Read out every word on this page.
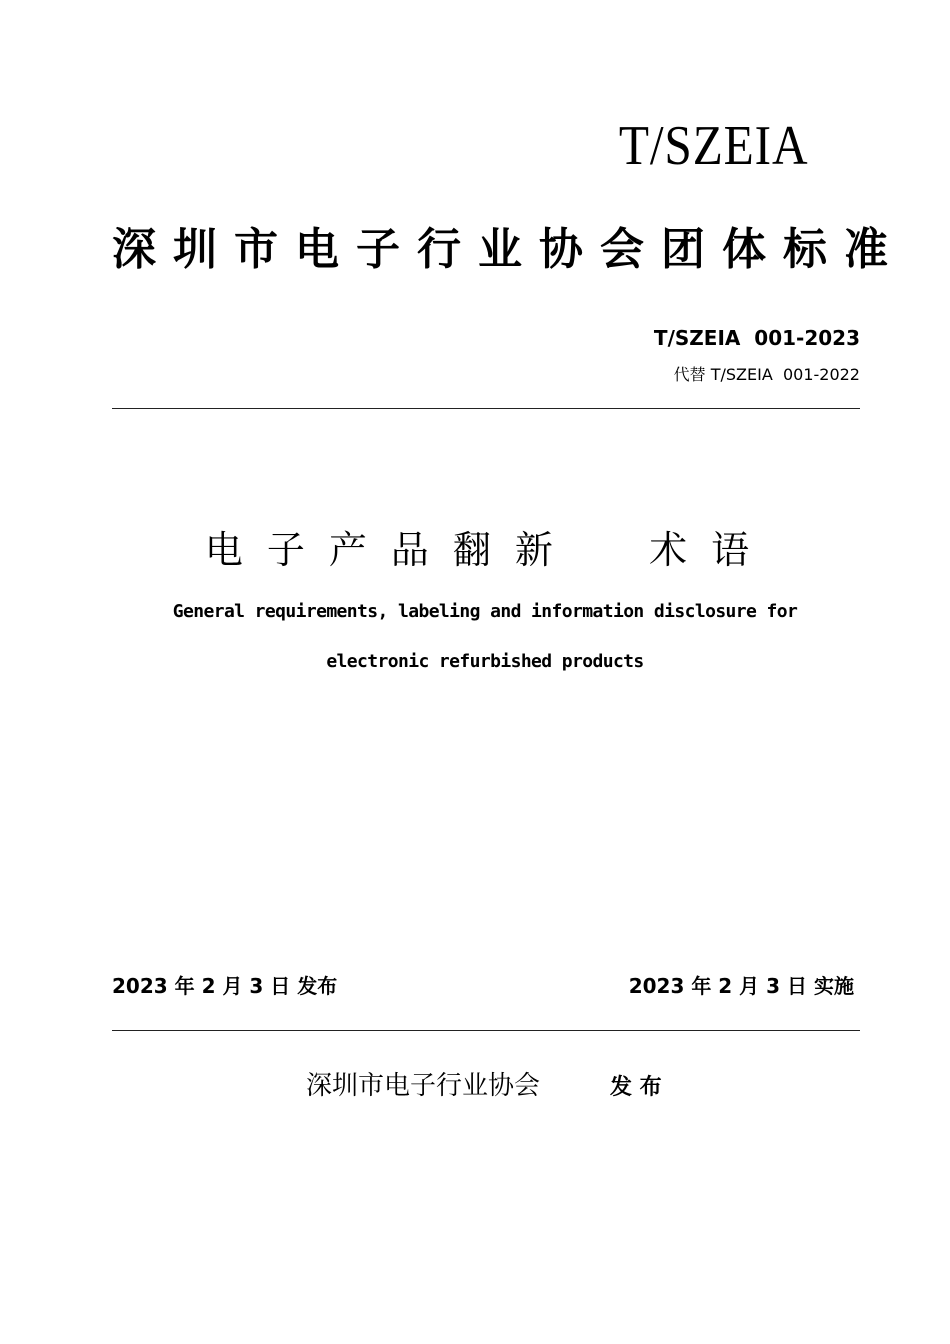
T/SZEIA
深圳市电子行业协会团体标准
T/SZEIA  001-2023
代替 T/SZEIA  001-2022
电子产品翻新  术语
General requirements, labeling and information disclosure for
electronic refurbished products
2023 年 2 月 3 日 发布	2023 年 2 月 3 日 实施
深圳市电子行业协会	发 布
